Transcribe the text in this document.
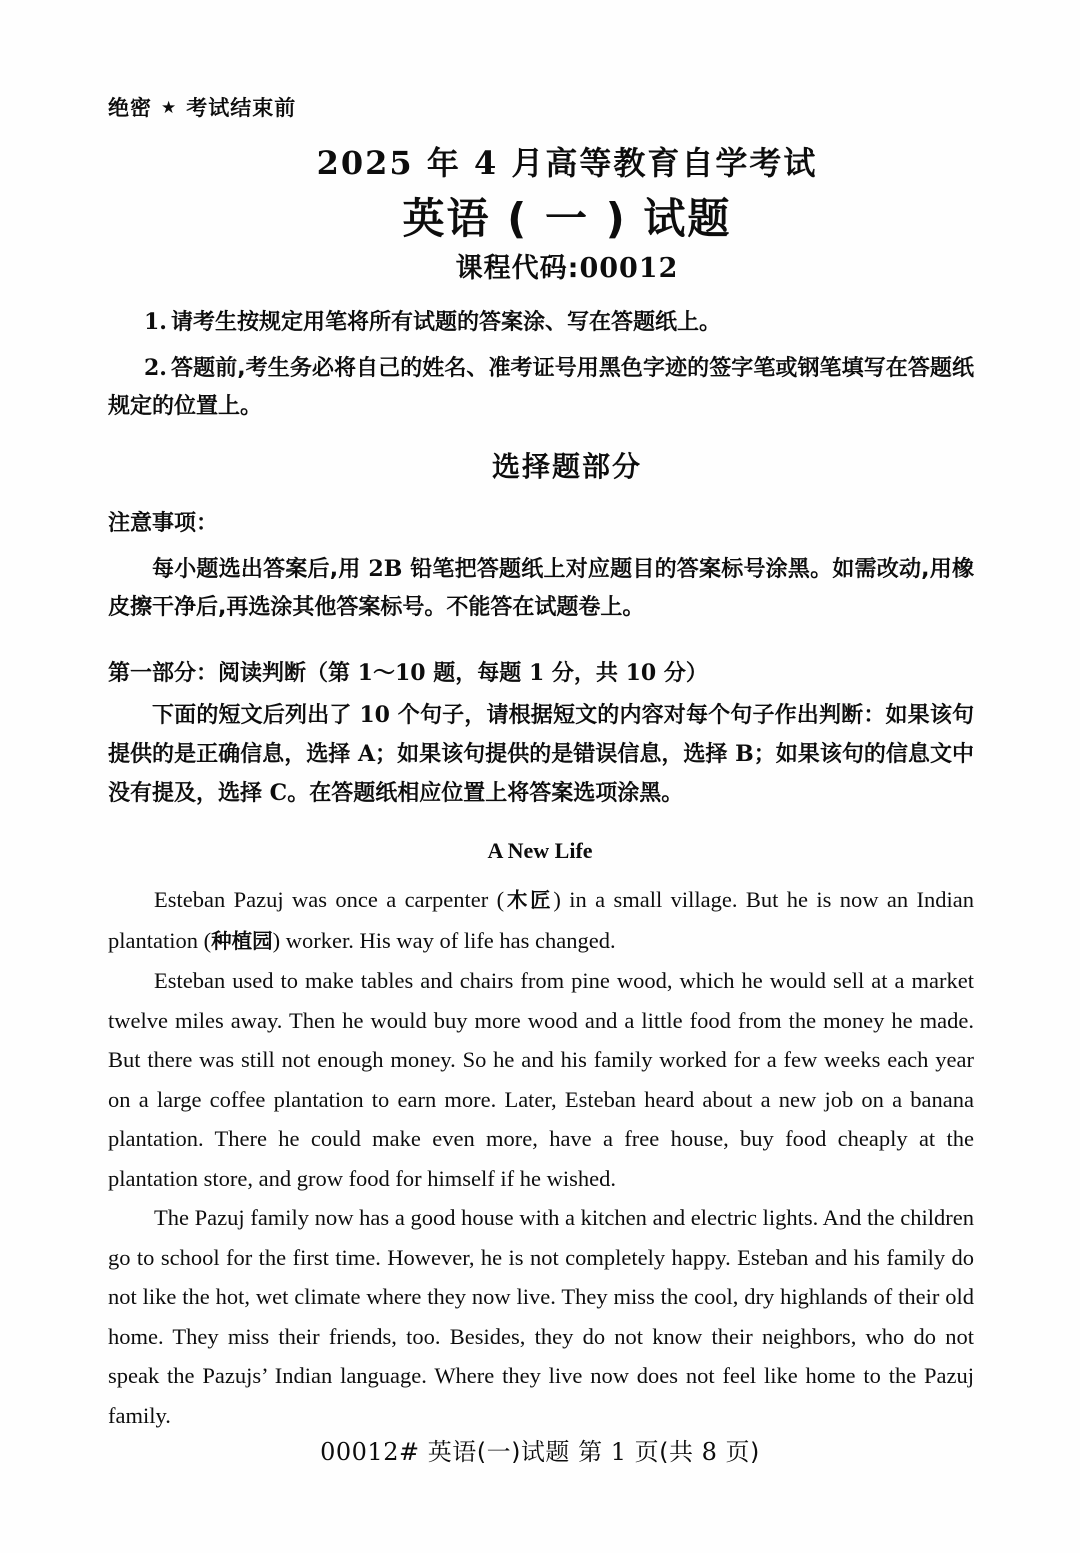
绝密 ★ 考试结束前
2025 年 4 月高等教育自学考试
英语 ( 一 ) 试题
课程代码:00012
1. 请考生按规定用笔将所有试题的答案涂、写在答题纸上。
2. 答题前,考生务必将自己的姓名、准考证号用黑色字迹的签字笔或钢笔填写在答题纸规定的位置上。
选择题部分
注意事项：
每小题选出答案后,用 2B 铅笔把答题纸上对应题目的答案标号涂黑。如需改动,用橡皮擦干净后,再选涂其他答案标号。不能答在试题卷上。
第一部分：阅读判断（第 1～10 题，每题 1 分，共 10 分）
下面的短文后列出了 10 个句子，请根据短文的内容对每个句子作出判断：如果该句提供的是正确信息，选择 A；如果该句提供的是错误信息，选择 B；如果该句的信息文中没有提及，选择 C。在答题纸相应位置上将答案选项涂黑。
A New Life

Esteban Pazuj was once a carpenter (木匠) in a small village. But he is now an Indian plantation (种植园) worker. His way of life has changed.

Esteban used to make tables and chairs from pine wood, which he would sell at a market twelve miles away. Then he would buy more wood and a little food from the money he made. But there was still not enough money. So he and his family worked for a few weeks each year on a large coffee plantation to earn more. Later, Esteban heard about a new job on a banana plantation. There he could make even more, have a free house, buy food cheaply at the plantation store, and grow food for himself if he wished.

The Pazuj family now has a good house with a kitchen and electric lights. And the children go to school for the first time. However, he is not completely happy. Esteban and his family do not like the hot, wet climate where they now live. They miss the cool, dry highlands of their old home. They miss their friends, too. Besides, they do not know their neighbors, who do not speak the Pazujs’ Indian language. Where they live now does not feel like home to the Pazuj family.

00012# 英语(一)试题 第 1 页(共 8 页)
